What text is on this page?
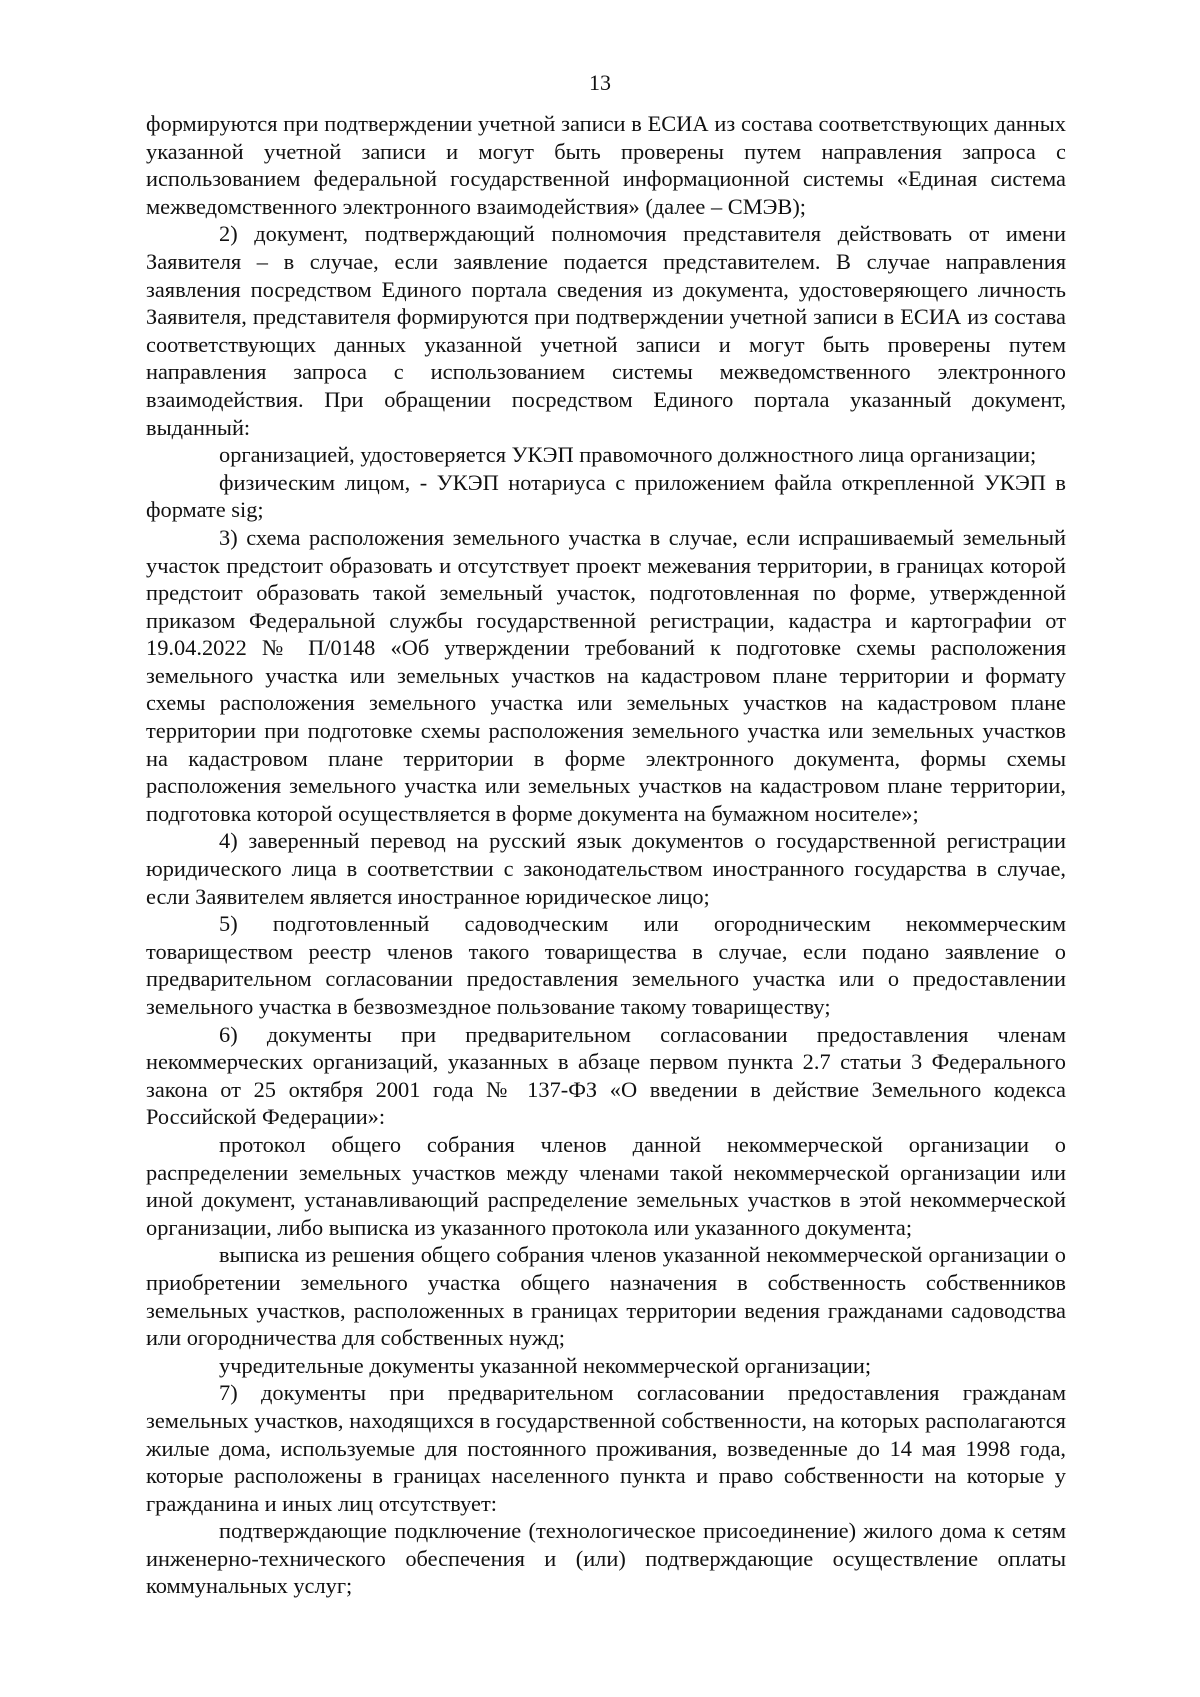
13

формируются при подтверждении учетной записи в ЕСИА из состава соответствующих данных указанной учетной записи и могут быть проверены путем направления запроса с использованием федеральной государственной информационной системы «Единая система межведомственного электронного взаимодействия» (далее – СМЭВ);

2) документ, подтверждающий полномочия представителя действовать от имени Заявителя – в случае, если заявление подается представителем. В случае направления заявления посредством Единого портала сведения из документа, удостоверяющего личность Заявителя, представителя формируются при подтверждении учетной записи в ЕСИА из состава соответствующих данных указанной учетной записи и могут быть проверены путем направления запроса с использованием системы межведомственного электронного взаимодействия. При обращении посредством Единого портала указанный документ, выданный:

организацией, удостоверяется УКЭП правомочного должностного лица организации;

физическим лицом, - УКЭП нотариуса с приложением файла открепленной УКЭП в формате sig;

3) схема расположения земельного участка в случае, если испрашиваемый земельный участок предстоит образовать и отсутствует проект межевания территории, в границах которой предстоит образовать такой земельный участок, подготовленная по форме, утвержденной приказом Федеральной службы государственной регистрации, кадастра и картографии от 19.04.2022 № П/0148 «Об утверждении требований к подготовке схемы расположения земельного участка или земельных участков на кадастровом плане территории и формату схемы расположения земельного участка или земельных участков на кадастровом плане территории при подготовке схемы расположения земельного участка или земельных участков на кадастровом плане территории в форме электронного документа, формы схемы расположения земельного участка или земельных участков на кадастровом плане территории, подготовка которой осуществляется в форме документа на бумажном носителе»;

4) заверенный перевод на русский язык документов о государственной регистрации юридического лица в соответствии с законодательством иностранного государства в случае, если Заявителем является иностранное юридическое лицо;

5) подготовленный садоводческим или огородническим некоммерческим товариществом реестр членов такого товарищества в случае, если подано заявление о предварительном согласовании предоставления земельного участка или о предоставлении земельного участка в безвозмездное пользование такому товариществу;

6) документы при предварительном согласовании предоставления членам некоммерческих организаций, указанных в абзаце первом пункта 2.7 статьи 3 Федерального закона от 25 октября 2001 года № 137-ФЗ «О введении в действие Земельного кодекса Российской Федерации»:

протокол общего собрания членов данной некоммерческой организации о распределении земельных участков между членами такой некоммерческой организации или иной документ, устанавливающий распределение земельных участков в этой некоммерческой организации, либо выписка из указанного протокола или указанного документа;

выписка из решения общего собрания членов указанной некоммерческой организации о приобретении земельного участка общего назначения в собственность собственников земельных участков, расположенных в границах территории ведения гражданами садоводства или огородничества для собственных нужд;

учредительные документы указанной некоммерческой организации;

7) документы при предварительном согласовании предоставления гражданам земельных участков, находящихся в государственной собственности, на которых располагаются жилые дома, используемые для постоянного проживания, возведенные до 14 мая 1998 года, которые расположены в границах населенного пункта и право собственности на которые у гражданина и иных лиц отсутствует:

подтверждающие подключение (технологическое присоединение) жилого дома к сетям инженерно-технического обеспечения и (или) подтверждающие осуществление оплаты коммунальных услуг;
